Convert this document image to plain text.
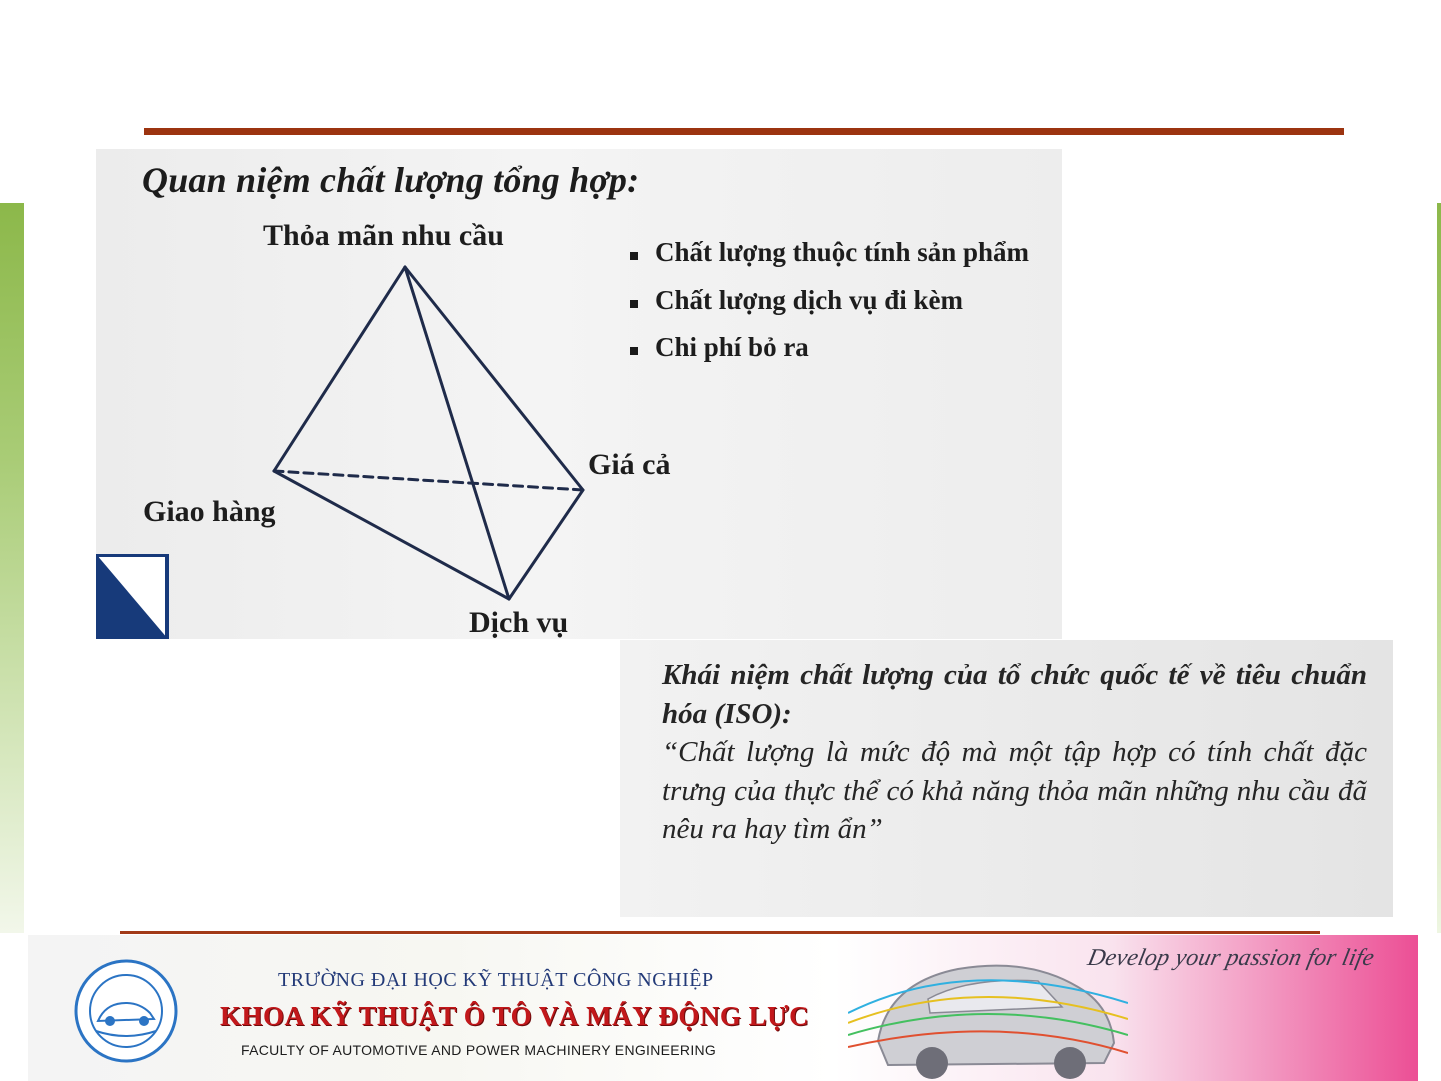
Quan niệm chất lượng tổng hợp:
Thỏa mãn nhu cầu
Giá cả
Giao hàng
Dịch vụ
Chất lượng thuộc tính sản phẩm
Chất lượng dịch vụ đi kèm
Chi phí bỏ ra
Khái niệm chất lượng của tổ chức quốc tế về tiêu chuẩn hóa (ISO):
“Chất lượng là mức độ mà một tập hợp có tính chất đặc trưng của thực thể có khả năng thỏa mãn những nhu cầu đã nêu ra hay tìm ẩn”
TRƯỜNG ĐẠI HỌC KỸ THUẬT CÔNG NGHIỆP
KHOA KỸ THUẬT Ô TÔ VÀ MÁY ĐỘNG LỰC
FACULTY OF AUTOMOTIVE AND POWER MACHINERY ENGINEERING
Develop your passion for life
